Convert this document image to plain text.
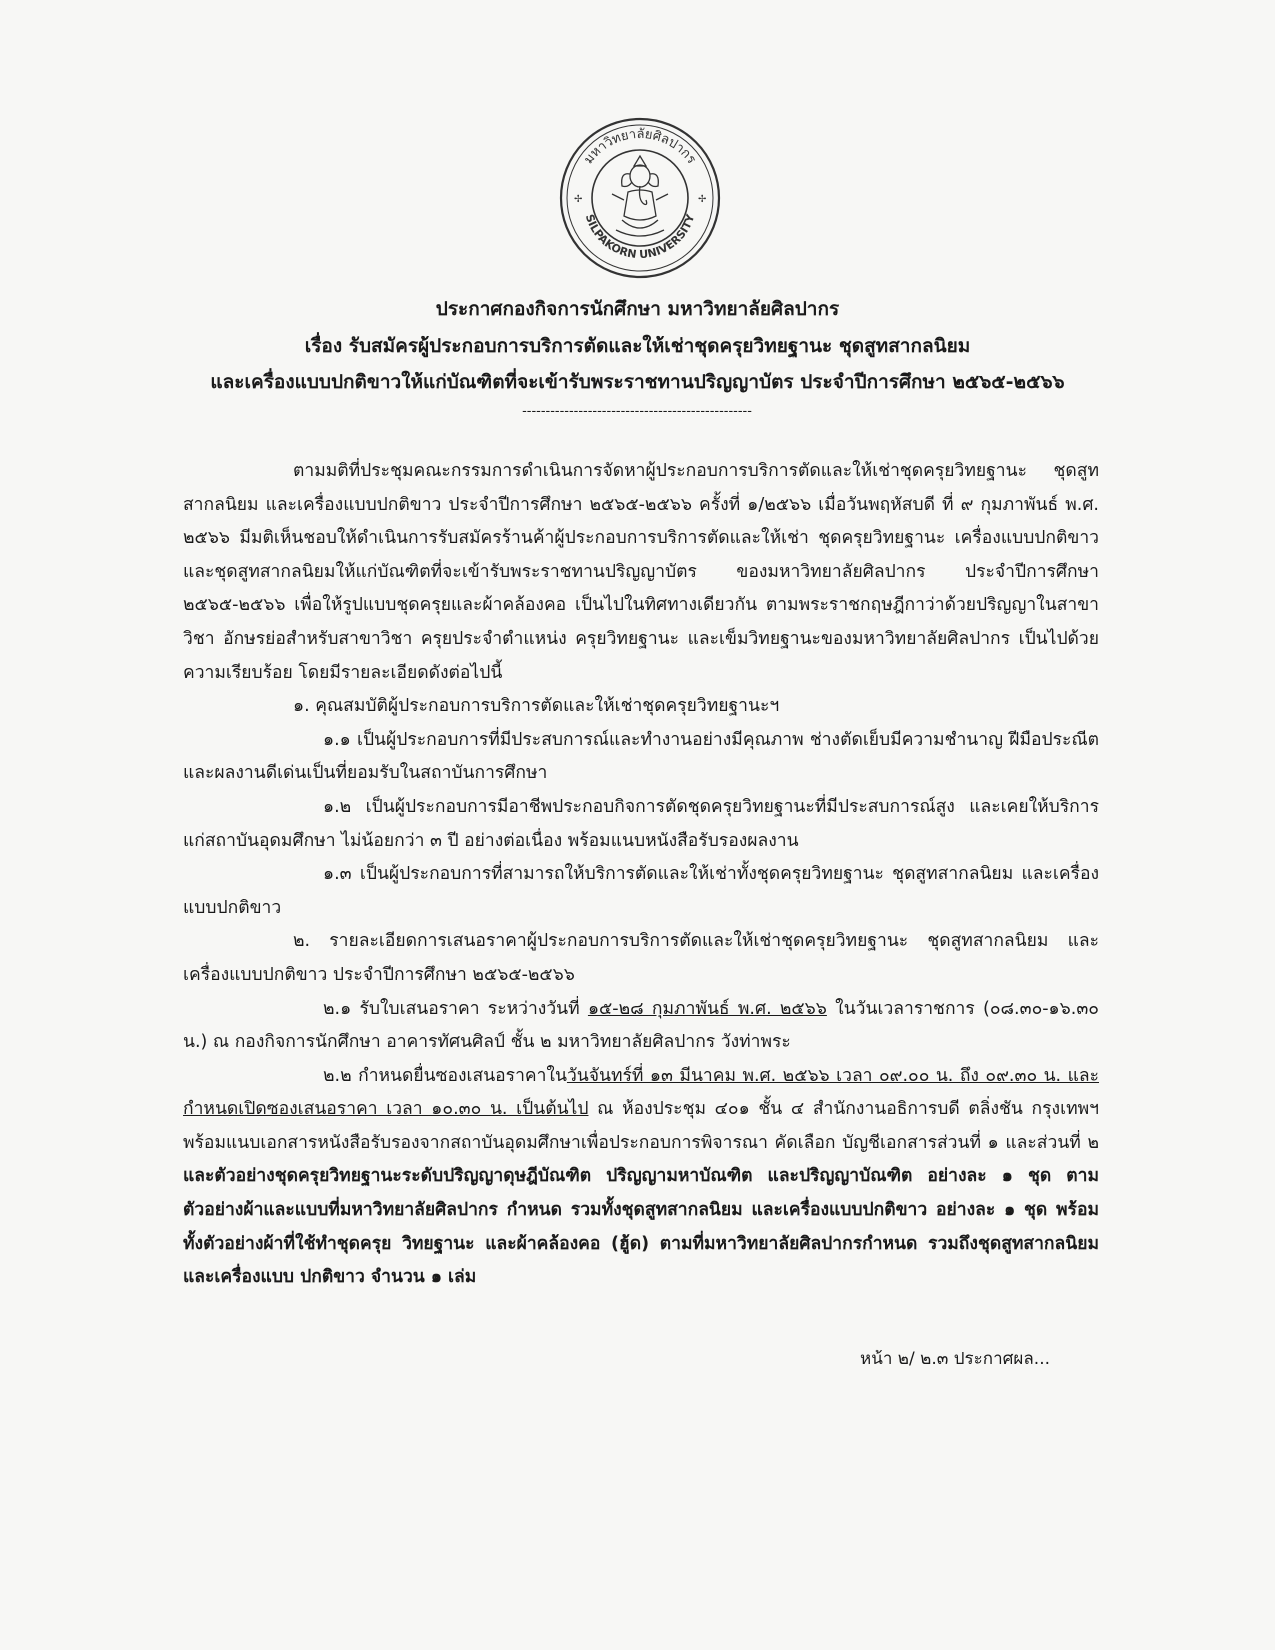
มหาวิทยาลัยศิลปากร
SILPAKORN UNIVERSITY
✢	✢
ประกาศกองกิจการนักศึกษา มหาวิทยาลัยศิลปากร
เรื่อง รับสมัครผู้ประกอบการบริการตัดและให้เช่าชุดครุยวิทยฐานะ ชุดสูทสากลนิยม
และเครื่องแบบปกติขาวให้แก่บัณฑิตที่จะเข้ารับพระราชทานปริญญาบัตร ประจำปีการศึกษา ๒๕๖๕-๒๕๖๖
-------------------------------------------------

ตามมติที่ประชุมคณะกรรมการดำเนินการจัดหาผู้ประกอบการบริการตัดและให้เช่าชุดครุยวิทยฐานะ ชุดสูทสากลนิยม และเครื่องแบบปกติขาว ประจำปีการศึกษา ๒๕๖๕-๒๕๖๖ ครั้งที่ ๑/๒๕๖๖ เมื่อวันพฤหัสบดี ที่ ๙ กุมภาพันธ์ พ.ศ. ๒๕๖๖ มีมติเห็นชอบให้ดำเนินการรับสมัครร้านค้าผู้ประกอบการบริการตัดและให้เช่า ชุดครุยวิทยฐานะ เครื่องแบบปกติขาว และชุดสูทสากลนิยมให้แก่บัณฑิตที่จะเข้ารับพระราชทานปริญญาบัตร ของมหาวิทยาลัยศิลปากร ประจำปีการศึกษา ๒๕๖๕-๒๕๖๖ เพื่อให้รูปแบบชุดครุยและผ้าคล้องคอ เป็นไปในทิศทางเดียวกัน ตามพระราชกฤษฎีกาว่าด้วยปริญญาในสาขาวิชา อักษรย่อสำหรับสาขาวิชา ครุยประจำตำแหน่ง ครุยวิทยฐานะ และเข็มวิทยฐานะของมหาวิทยาลัยศิลปากร เป็นไปด้วยความเรียบร้อย โดยมีรายละเอียดดังต่อไปนี้

๑. คุณสมบัติผู้ประกอบการบริการตัดและให้เช่าชุดครุยวิทยฐานะฯ

๑.๑ เป็นผู้ประกอบการที่มีประสบการณ์และทำงานอย่างมีคุณภาพ ช่างตัดเย็บมีความชำนาญ ฝีมือประณีต และผลงานดีเด่นเป็นที่ยอมรับในสถาบันการศึกษา

๑.๒ เป็นผู้ประกอบการมีอาชีพประกอบกิจการตัดชุดครุยวิทยฐานะที่มีประสบการณ์สูง และเคยให้บริการแก่สถาบันอุดมศึกษา ไม่น้อยกว่า ๓ ปี อย่างต่อเนื่อง พร้อมแนบหนังสือรับรองผลงาน

๑.๓ เป็นผู้ประกอบการที่สามารถให้บริการตัดและให้เช่าทั้งชุดครุยวิทยฐานะ ชุดสูทสากลนิยม และเครื่องแบบปกติขาว

๒. รายละเอียดการเสนอราคาผู้ประกอบการบริการตัดและให้เช่าชุดครุยวิทยฐานะ ชุดสูทสากลนิยม และเครื่องแบบปกติขาว ประจำปีการศึกษา ๒๕๖๕-๒๕๖๖

๒.๑ รับใบเสนอราคา ระหว่างวันที่ ๑๕-๒๘ กุมภาพันธ์ พ.ศ. ๒๕๖๖ ในวันเวลาราชการ (๐๘.๓๐-๑๖.๓๐ น.) ณ กองกิจการนักศึกษา อาคารทัศนศิลป์ ชั้น ๒ มหาวิทยาลัยศิลปากร วังท่าพระ

๒.๒ กำหนดยื่นซองเสนอราคาในวันจันทร์ที่ ๑๓ มีนาคม พ.ศ. ๒๕๖๖ เวลา ๐๙.๐๐ น. ถึง ๐๙.๓๐ น. และกำหนดเปิดซองเสนอราคา เวลา ๑๐.๓๐ น. เป็นต้นไป ณ ห้องประชุม ๔๐๑ ชั้น ๔ สำนักงานอธิการบดี ตลิ่งชัน กรุงเทพฯ พร้อมแนบเอกสารหนังสือรับรองจากสถาบันอุดมศึกษาเพื่อประกอบการพิจารณา คัดเลือก บัญชีเอกสารส่วนที่ ๑ และส่วนที่ ๒ และตัวอย่างชุดครุยวิทยฐานะระดับปริญญาดุษฎีบัณฑิต ปริญญามหาบัณฑิต และปริญญาบัณฑิต อย่างละ ๑ ชุด ตามตัวอย่างผ้าและแบบที่มหาวิทยาลัยศิลปากร กำหนด รวมทั้งชุดสูทสากลนิยม และเครื่องแบบปกติขาว อย่างละ ๑ ชุด พร้อมทั้งตัวอย่างผ้าที่ใช้ทำชุดครุย วิทยฐานะ และผ้าคล้องคอ (ฮู้ด) ตามที่มหาวิทยาลัยศิลปากรกำหนด รวมถึงชุดสูทสากลนิยม และเครื่องแบบ ปกติขาว จำนวน ๑ เล่ม

หน้า ๒/ ๒.๓ ประกาศผล...
